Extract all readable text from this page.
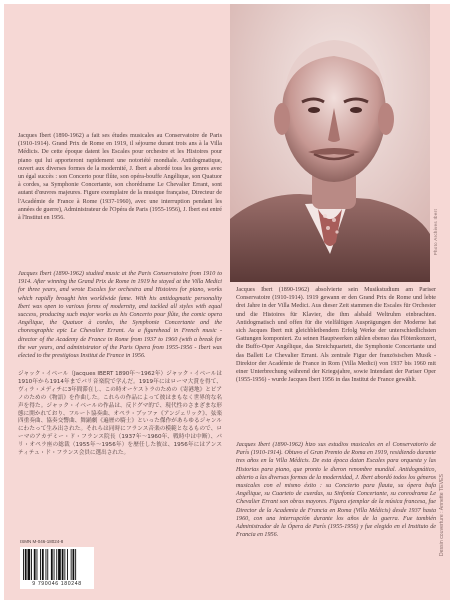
Photo Archives Ibert

Jacques Ibert (1890-1962) a fait ses études musicales au Conservatoire de Paris (1910-1914). Grand Prix de Rome en 1919, il séjourne durant trois ans à la Villa Médicis. De cette époque datent les Escales pour orchestre et les Histoires pour piano qui lui apporteront rapidement une notoriété mondiale. Antidogmatique, ouvert aux diverses formes de la modernité, J. Ibert a abordé tous les genres avec un égal succès : son Concerto pour flûte, son opéra-bouffe Angélique, son Quatuor à cordes, sa Symphonie Concertante, son chorédrame Le Chevalier Errant, sont autant d'œuvres majeures. Figure exemplaire de la musique française, Directeur de l'Académie de France à Rome (1937-1960), avec une interruption pendant les années de guerre), Administrateur de l'Opéra de Paris (1955-1956), J. Ibert est entré à l'Institut en 1956.

Jacques Ibert (1890-1962) studied music at the Paris Conservatoire from 1910 to 1914. After winning the Grand Prix de Rome in 1919 he stayed at the Villa Medici for three years, and wrote Escales for orchestra and Histoires for piano, works which rapidly brought him worldwide fame. With his antidogmatic personality Ibert was open to various forms of modernity, and tackled all styles with equal success, producing such major works as his Concerto pour flûte, the comic opera Angélique, the Quatuor à cordes, the Symphonie Concertante and the choreographic epic Le Chevalier Errant. As a figurehead in French music - director of the Academy de France in Rome from 1937 to 1960 (with a break for the war years, and administrator of the Paris Opera from 1955-1956 - Ibert was elected to the prestigious Institut de France in 1956.

ジャック・イベール（Jacques IBERT 1890年〜1962年）ジャック・イベールは1910年から1914年までパリ音楽院で学んだ。1919年にはローマ大賞を得て、ヴィラ・メディチに3年間滞在し、この時オーケストラのための《寄港地》とピアノのための《物語》を作曲した。これらの作品によって彼はまもなく世界的な名声を得た。ジャック・イベールの作品は、反ドグマ的で、現代性のさまざまな形態に開かれており、フルート協奏曲、オペラ・ブッファ《アンジェリック》、弦楽四重奏曲、協奏交響曲、舞踊劇《遍歴の騎士》といった傑作があらゆるジャンルにわたって生み出された。それらは同時にフランス音楽の模範となるもので、ローマのアカデミー・ド・フランス院長（1937年〜1960年、戦時中は中断）、パリ・オペラ座の総裁（1955年〜1956年）を歴任した彼は、1956年にはアンスティテュ・ド・フランス会員に選出された。

Jacques Ibert (1890-1962) absolvierte sein Musikstudium am Pariser Conservatoire (1910-1914). 1919 gewann er den Grand Prix de Rome und lebte drei Jahre in der Villa Medici. Aus dieser Zeit stammen die Escales für Orchester und die Histoires für Klavier, die ihm alsbald Weltruhm einbrachten. Antidogmatisch und offen für die vielfältigen Ausprägungen der Moderne hat sich Jacques Ibert mit gleichbleibendem Erfolg Werke der unterschiedlichsten Gattungen komponiert. Zu seinen Hauptwerken zählen ebenso das Flötenkonzert, die Buffo-Oper Angélique, das Streichquartett, die Symphonie Concertante und das Ballett Le Chevalier Errant. Als zentrale Figur der französischen Musik - Direktor der Académie de France in Rom (Villa Medici) von 1937 bis 1960 mit einer Unterbrechung während der Kriegsjahre, sowie Intendant der Pariser Oper (1955-1956) - wurde Jacques Ibert 1956 in das Institut de France gewählt.

Jacques Ibert (1890-1962) hizo sus estudios musicales en el Conservatorio de París (1910-1914). Obtuvo el Gran Premio de Roma en 1919, residiendo durante tres años en la Villa Médicis. De esta época datan Escales para orquesta y las Historias para piano, que pronto le dieron renombre mundial. Antidogmático, abierto a las diversas formas de la modernidad, J. Ibert abordó todos los géneros musicales con el mismo éxito : su Concierto para flauta, su ópera bufa Angélique, su Cuarteto de cuerdas, su Sinfonía Concertante, su coreodrama Le Chevalier Errant son obras mayores. Figura ejemplar de la música francesa, fue Director de la Academia de Francia en Roma (Villa Médicis) desde 1937 hasta 1960, con una interrupción durante los años de la guerra. Fue también Administrador de la Ópera de París (1955-1956) y fue elegido en el Instituto de Francia en 1956.	Dessin couverture : Annette TEVES
ISMN M-046-18024-8
9 790046 180248
